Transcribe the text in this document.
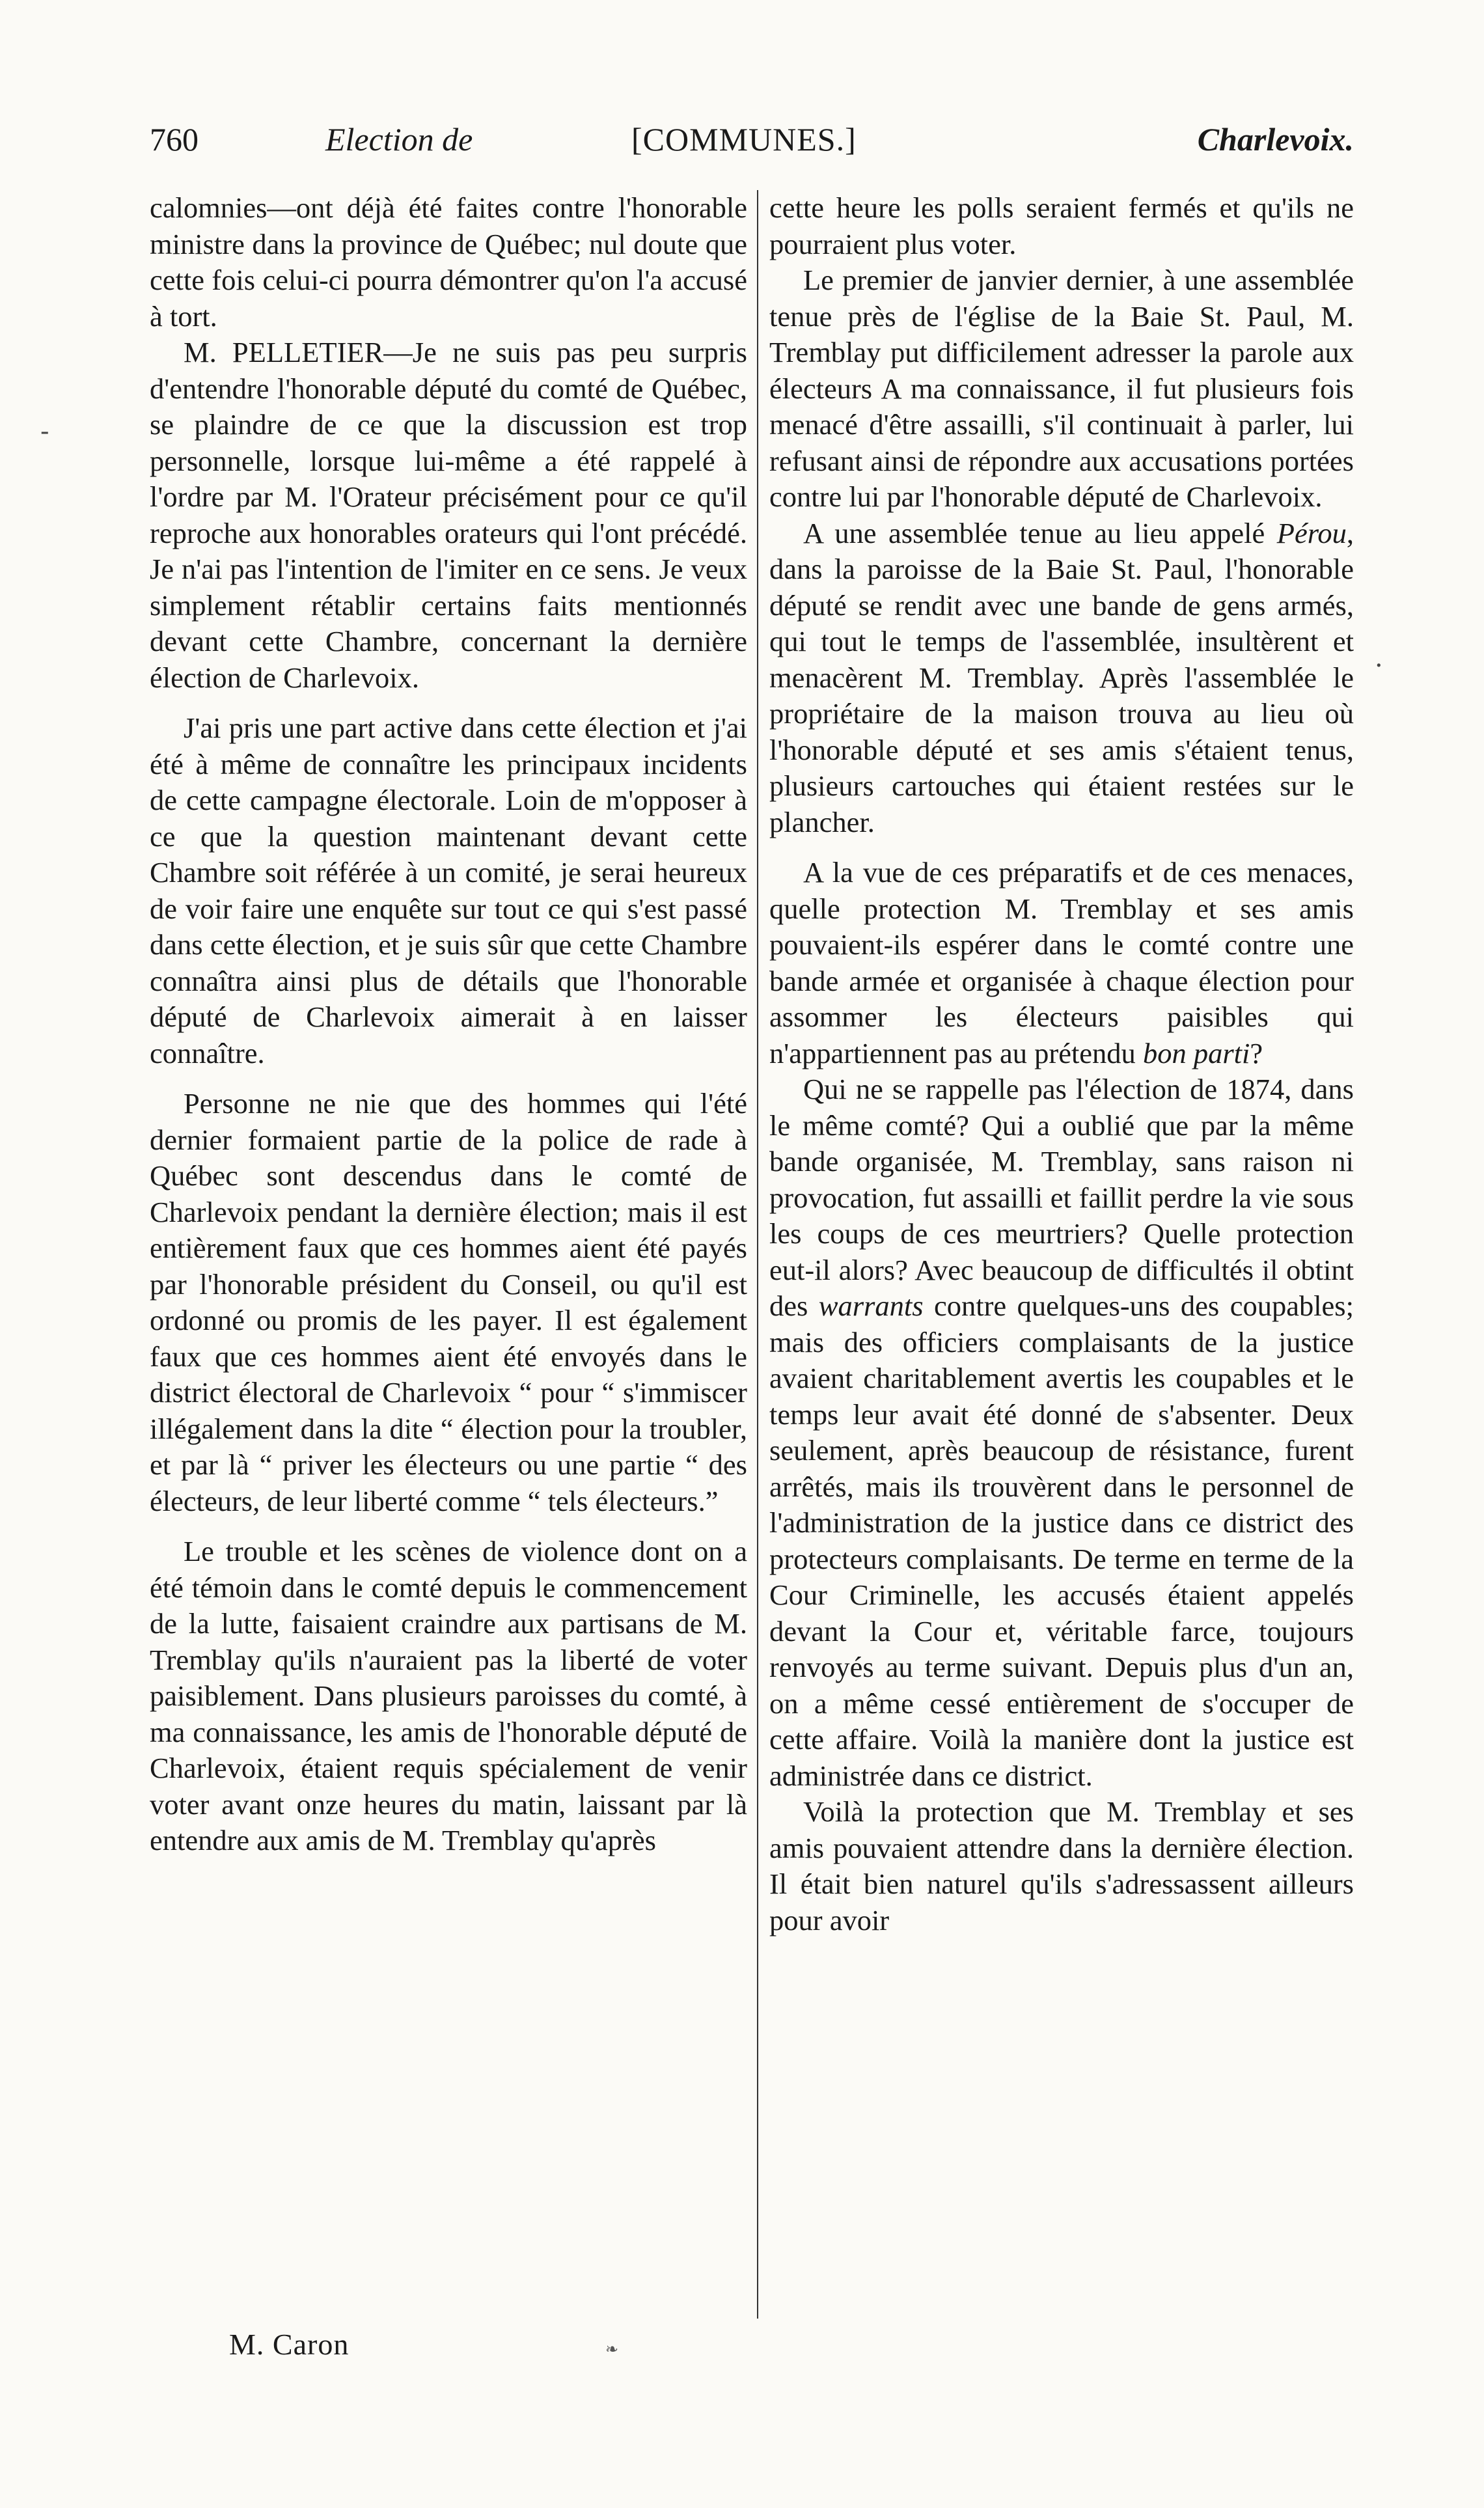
760	Election de	[COMMUNES.]	Charlevoix.

calomnies—ont déjà été faites contre l'honorable ministre dans la province de Québec; nul doute que cette fois celui-ci pourra démontrer qu'on l'a accusé à tort.

M. PELLETIER—Je ne suis pas peu surpris d'entendre l'honorable député du comté de Québec, se plaindre de ce que la discussion est trop personnelle, lorsque lui-même a été rappelé à l'ordre par M. l'Orateur précisément pour ce qu'il reproche aux honorables orateurs qui l'ont précédé. Je n'ai pas l'intention de l'imiter en ce sens. Je veux simplement rétablir certains faits mentionnés devant cette Chambre, concernant la dernière élection de Charlevoix.

J'ai pris une part active dans cette élection et j'ai été à même de connaître les principaux incidents de cette campagne électorale. Loin de m'opposer à ce que la question maintenant devant cette Chambre soit référée à un comité, je serai heureux de voir faire une enquête sur tout ce qui s'est passé dans cette élection, et je suis sûr que cette Chambre connaîtra ainsi plus de détails que l'honorable député de Charlevoix aimerait à en laisser connaître.

Personne ne nie que des hommes qui l'été dernier formaient partie de la police de rade à Québec sont descendus dans le comté de Charlevoix pendant la dernière élection; mais il est entièrement faux que ces hommes aient été payés par l'honorable président du Conseil, ou qu'il est ordonné ou promis de les payer. Il est également faux que ces hommes aient été envoyés dans le district électoral de Charlevoix “ pour “ s'immiscer illégalement dans la dite “ élection pour la troubler, et par là “ priver les électeurs ou une partie “ des électeurs, de leur liberté comme “ tels électeurs.”

Le trouble et les scènes de violence dont on a été témoin dans le comté depuis le commencement de la lutte, faisaient craindre aux partisans de M. Tremblay qu'ils n'auraient pas la liberté de voter paisiblement. Dans plusieurs paroisses du comté, à ma connaissance, les amis de l'honorable député de Charlevoix, étaient requis spécialement de venir voter avant onze heures du matin, laissant par là entendre aux amis de M. Tremblay qu'après

cette heure les polls seraient fermés et qu'ils ne pourraient plus voter.

Le premier de janvier dernier, à une assemblée tenue près de l'église de la Baie St. Paul, M. Tremblay put difficilement adresser la parole aux électeurs A ma connaissance, il fut plusieurs fois menacé d'être assailli, s'il continuait à parler, lui refusant ainsi de répondre aux accusations portées contre lui par l'honorable député de Charlevoix.

A une assemblée tenue au lieu appelé Pérou, dans la paroisse de la Baie St. Paul, l'honorable député se rendit avec une bande de gens armés, qui tout le temps de l'assemblée, insultèrent et menacèrent M. Tremblay. Après l'assemblée le propriétaire de la maison trouva au lieu où l'honorable député et ses amis s'étaient tenus, plusieurs cartouches qui étaient restées sur le plancher.

A la vue de ces préparatifs et de ces menaces, quelle protection M. Tremblay et ses amis pouvaient-ils espérer dans le comté contre une bande armée et organisée à chaque élection pour assommer les électeurs paisibles qui n'appartiennent pas au prétendu bon parti?

Qui ne se rappelle pas l'élection de 1874, dans le même comté? Qui a oublié que par la même bande organisée, M. Tremblay, sans raison ni provocation, fut assailli et faillit perdre la vie sous les coups de ces meurtriers? Quelle protection eut-il alors? Avec beaucoup de difficultés il obtint des warrants contre quelques-uns des coupables; mais des officiers complaisants de la justice avaient charitablement avertis les coupables et le temps leur avait été donné de s'absenter. Deux seulement, après beaucoup de résistance, furent arrêtés, mais ils trouvèrent dans le personnel de l'administration de la justice dans ce district des protecteurs complaisants. De terme en terme de la Cour Criminelle, les accusés étaient appelés devant la Cour et, véritable farce, toujours renvoyés au terme suivant. Depuis plus d'un an, on a même cessé entièrement de s'occuper de cette affaire. Voilà la manière dont la justice est administrée dans ce district.

Voilà la protection que M. Tremblay et ses amis pouvaient attendre dans la dernière élection. Il était bien naturel qu'ils s'adressassent ailleurs pour avoir

M. Caron	❧
-
·
